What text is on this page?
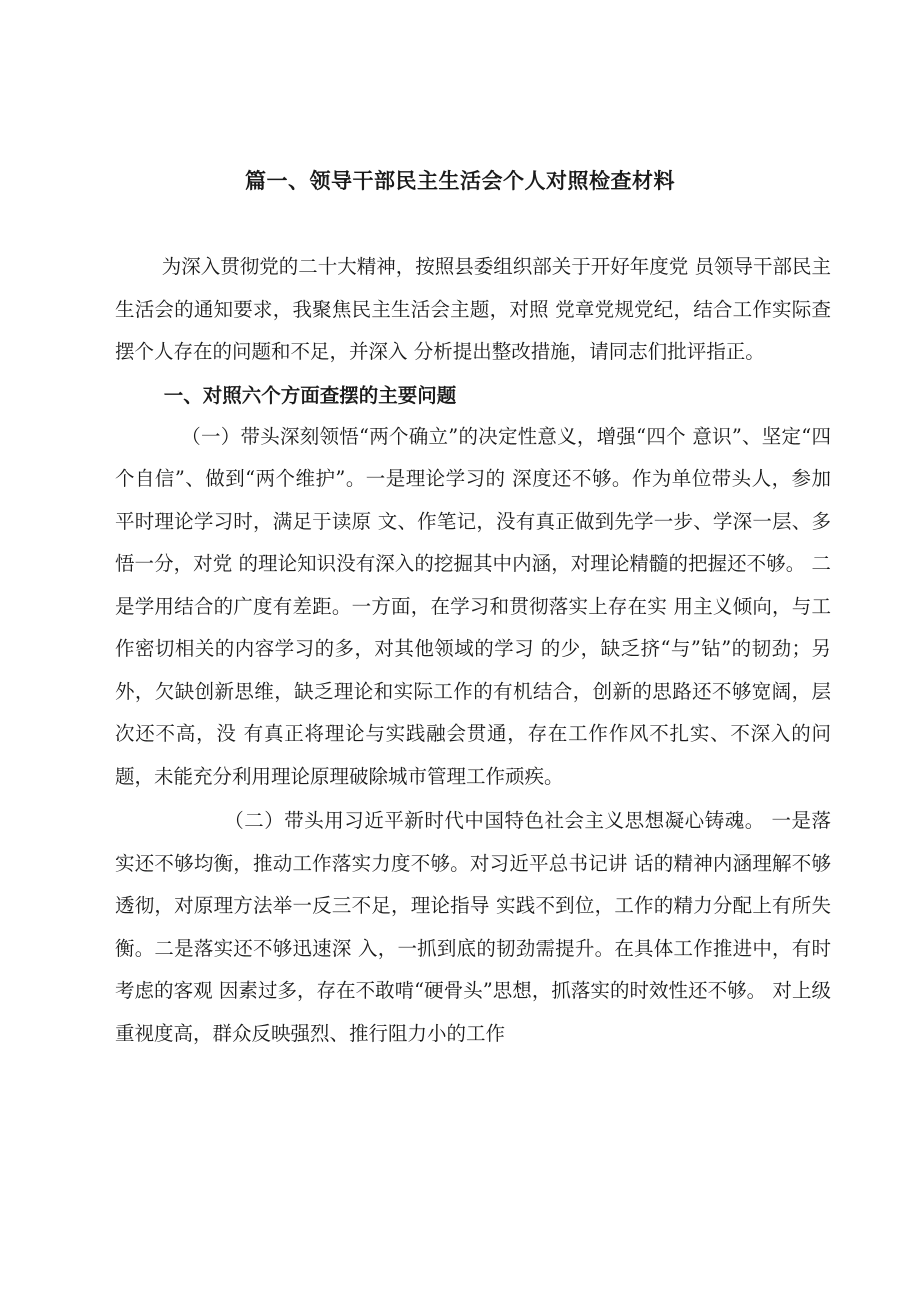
篇一、领导干部民主生活会个人对照检查材料

为深入贯彻党的二十大精神，按照县委组织部关于开好年度党 员领导干部民主生活会的通知要求，我聚焦民主生活会主题，对照 党章党规党纪，结合工作实际查摆个人存在的问题和不足，并深入 分析提出整改措施，请同志们批评指正。

一、对照六个方面查摆的主要问题

（一）带头深刻领悟“两个确立”的决定性意义，增强“四个 意识”、坚定“四个自信”、做到“两个维护”。一是理论学习的 深度还不够。作为单位带头人，参加平时理论学习时，满足于读原 文、作笔记，没有真正做到先学一步、学深一层、多悟一分，对党 的理论知识没有深入的挖掘其中内涵，对理论精髓的把握还不够。 二是学用结合的广度有差距。一方面，在学习和贯彻落实上存在实 用主义倾向，与工作密切相关的内容学习的多，对其他领域的学习 的少，缺乏挤“与”钻”的韧劲；另外，欠缺创新思维，缺乏理论和实际工作的有机结合，创新的思路还不够宽阔，层次还不高，没 有真正将理论与实践融会贯通，存在工作作风不扎实、不深入的问 题，未能充分利用理论原理破除城市管理工作顽疾。

（二）带头用习近平新时代中国特色社会主义思想凝心铸魂。 一是落实还不够均衡，推动工作落实力度不够。对习近平总书记讲 话的精神内涵理解不够透彻，对原理方法举一反三不足，理论指导 实践不到位，工作的精力分配上有所失衡。二是落实还不够迅速深 入，一抓到底的韧劲需提升。在具体工作推进中，有时考虑的客观 因素过多，存在不敢啃“硬骨头”思想，抓落实的时效性还不够。 对上级重视度高，群众反映强烈、推行阻力小的工作
